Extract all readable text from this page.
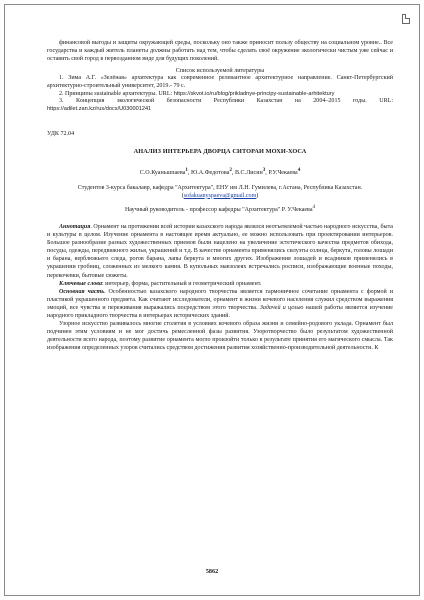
финансовой выгоды и защиты окружающей среды, поскольку оно также приносит пользу обществу на социальном уровне.. Все государства и каждый житель планеты должны работать над тем, чтобы сделать своё окружение экологически чистым уже сейчас и оставить свой город в первозданном виде для будущих поколений.

Список используемой литературы

1. Зима А.Г. «Зелёная» архитектура как современное релевантное архитектурное направление. Санкт-Петербургский архитектурно-строительный университет, 2019.- 79 с.

2. Принципы sustainable архитектуры. URL: https://skvot.io/ru/blog/prikladnye-principy-sustainable-arhitektury

3. Концепция экологической безопасности Республики Казахстан на 2004–2015 годы. URL: https://adilet.zan.kz/rus/docs/U030001241

УДК 72.04

АНАЛИЗ ИНТЕРЬЕРА ДВОРЦА СИТОРАИ МОХИ-ХОСА

С.О.Куаньшпаева$^1$, Ю.А.Федотова$^2$, В.С.Лисин$^3$, Р.У.Чекаева$^4$

Студентов 3-курса бакалавр, кафедра "Архитектура", ЕНУ им Л.Н. Гумилева, г.Астана, Республика Казахстан.

(sofakuanyspaeva@gmail.com)

Научный руководитель - профессор кафедры "Архитектура" Р. У.Чекаева$^4$

Аннотация. Орнамент на протяжении всей истории казахского народа являлся неотъемлемой частью народного искусства, быта и культуры в целом. Изучение орнамента в настоящее время актуально, ее можно использовать при проектировании интерьеров. Большое разнообразие разных художественных приемов были нацелено на увеличение эстетического качества предметов обихода, посуды, одежды, передвижного жилья, украшений и т.д. В качестве орнамента применялись силуэты солнца, беркута, головы лошади и барана, верблюжьего следа, рогов барана, лапы беркута и многих других. Изображения лошадей и всадников применялись в украшении гробниц, сложенных из мелкого камня. В купольных мавзолеях встречались росписи, изображающие военные походы, перекочевки, бытовые сюжеты.

Ключевые слова: интерьер, форма, растительный и геометрический орнамент.

Основная часть. Особенностью казахского народного творчества является гармоничное сочетание орнамента с формой и пластикой украшенного предмета. Как считают исследователи, орнамент в жизни кочевого населения служил средством выражения эмоций, все чувства и переживания выражались посредством этого творчества. Задачей и целью нашей работы является изучение народного прикладного творчества в интерьерах исторических зданий.

Узорное искусство развивалось многие столетия в условиях кочевого образа жизни и семейно-родового уклада. Орнамент был подчинен этим условиям и не мог достичь ремесленной фазы развития. Узоротворчество было результатом художественной деятельности всего народа, поэтому развитие орнамента могло произойти только в результате принятия его магического смысла. Так изображения определенных узоров считались средством достижения развития хозяйственно-производительной деятельности. К

5862
